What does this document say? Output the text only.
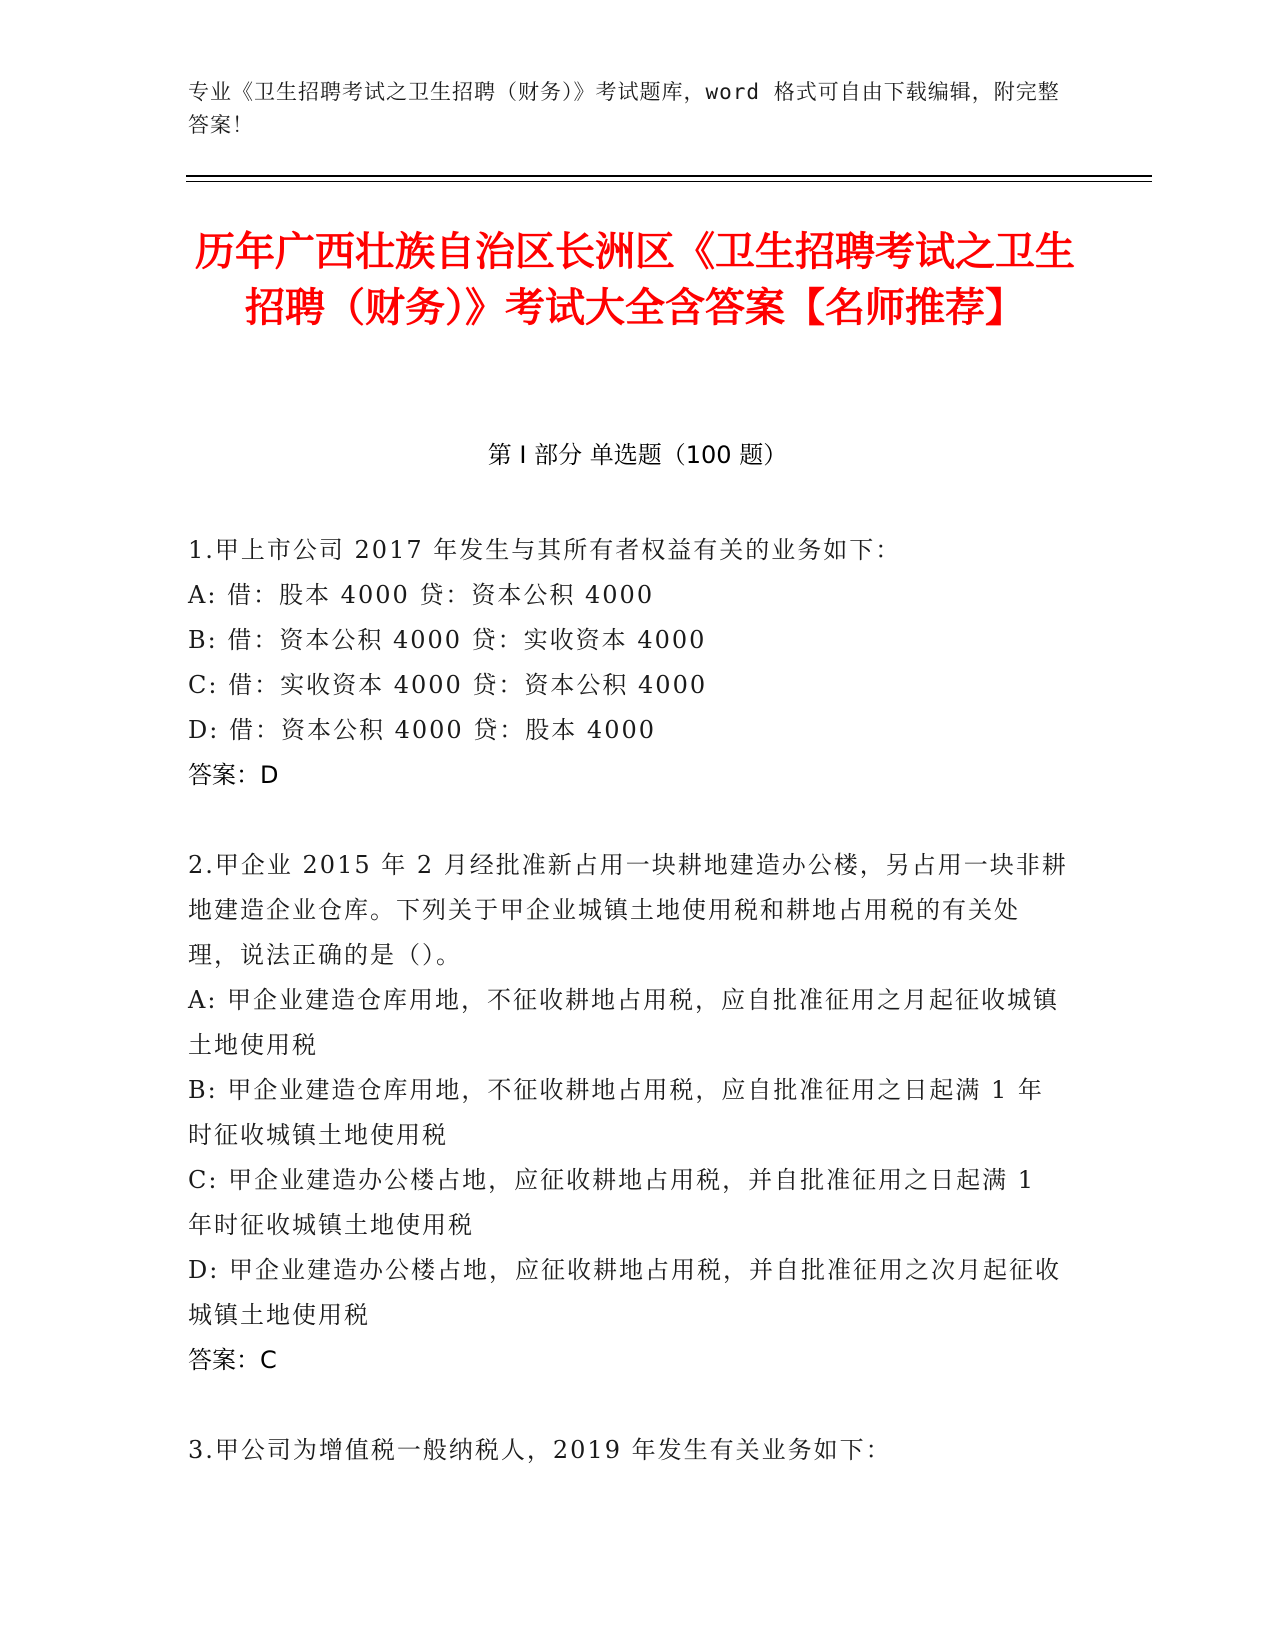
专业《卫生招聘考试之卫生招聘（财务）》考试题库，word 格式可自由下载编辑，附完整答案！
历年广西壮族自治区长洲区《卫生招聘考试之卫生招聘（财务）》考试大全含答案【名师推荐】
第 I 部分 单选题（100 题）
1.甲上市公司 2017 年发生与其所有者权益有关的业务如下：
A: 借：股本 4000 贷：资本公积 4000
B: 借：资本公积 4000 贷：实收资本 4000
C: 借：实收资本 4000 贷：资本公积 4000
D: 借：资本公积 4000 贷：股本 4000
答案：D
2.甲企业 2015 年 2 月经批准新占用一块耕地建造办公楼，另占用一块非耕地建造企业仓库。下列关于甲企业城镇土地使用税和耕地占用税的有关处理，说法正确的是（）。
A: 甲企业建造仓库用地，不征收耕地占用税，应自批准征用之月起征收城镇土地使用税
B: 甲企业建造仓库用地，不征收耕地占用税，应自批准征用之日起满 1 年时征收城镇土地使用税
C: 甲企业建造办公楼占地，应征收耕地占用税，并自批准征用之日起满 1 年时征收城镇土地使用税
D: 甲企业建造办公楼占地，应征收耕地占用税，并自批准征用之次月起征收城镇土地使用税
答案：C
3.甲公司为增值税一般纳税人，2019 年发生有关业务如下：
